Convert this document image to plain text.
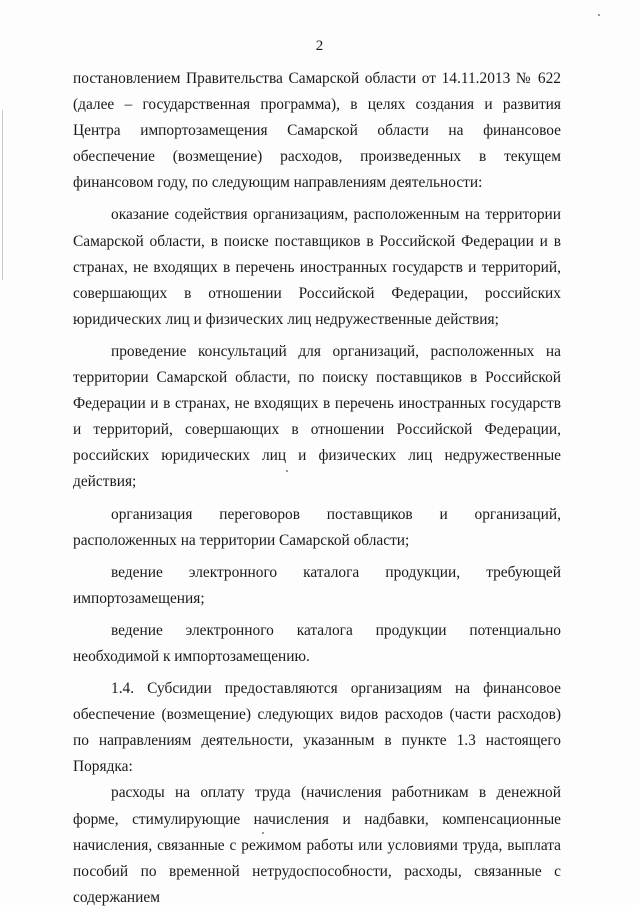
2

постановлением Правительства Самарской области от 14.11.2013 № 622 (далее – государственная программа), в целях создания и развития Центра импортозамещения Самарской области на финансовое обеспечение (возмещение) расходов, произведенных в текущем финансовом году, по следующим направлениям деятельности:

оказание содействия организациям, расположенным на территории Самарской области, в поиске поставщиков в Российской Федерации и в странах, не входящих в перечень иностранных государств и территорий, совершающих в отношении Российской Федерации, российских юридических лиц и физических лиц недружественные действия;

проведение консультаций для организаций, расположенных на территории Самарской области, по поиску поставщиков в Российской Федерации и в странах, не входящих в перечень иностранных государств и территорий, совершающих в отношении Российской Федерации, российских юридических лиц и физических лиц недружественные действия;

организация переговоров поставщиков и организаций, расположенных на территории Самарской области;

ведение электронного каталога продукции, требующей импортозамещения;

ведение электронного каталога продукции потенциально необходимой к импортозамещению.

1.4. Субсидии предоставляются организациям на финансовое обеспечение (возмещение) следующих видов расходов (части расходов) по направлениям деятельности, указанным в пункте 1.3 настоящего Порядка:

расходы на оплату труда (начисления работникам в денежной форме, стимулирующие начисления и надбавки, компенсационные начисления, связанные с режимом работы или условиями труда, выплата пособий по временной нетрудоспособности, расходы, связанные с содержанием
